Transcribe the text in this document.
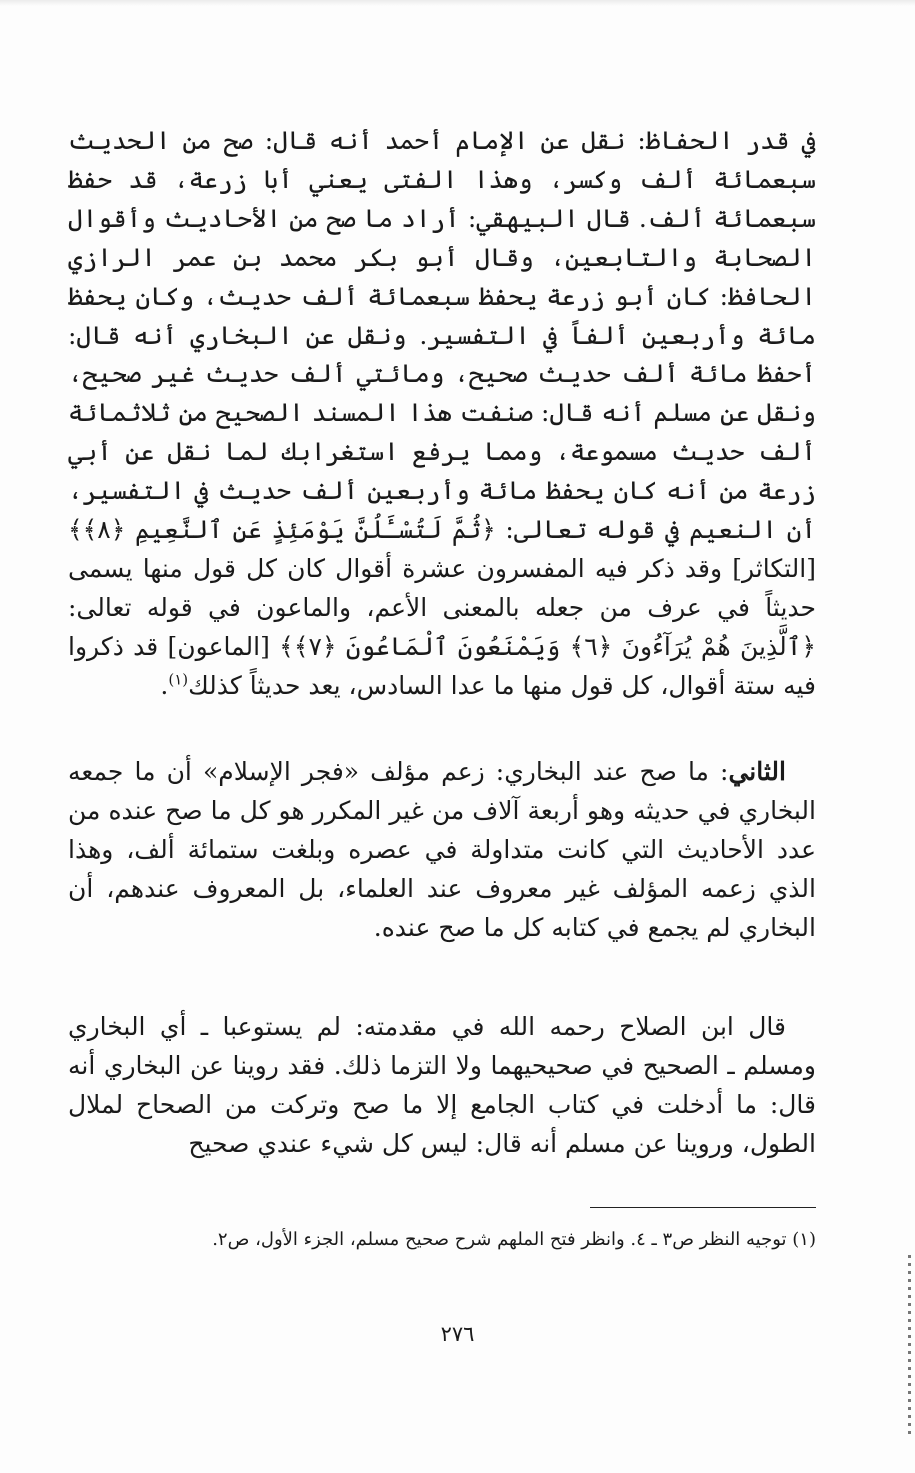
في قدر الحفاظ: نقل عن الإمام أحمد أنه قال: صح من الحديث سبعمائة ألف وكسر، وهذا الفتى يعني أبا زرعة، قد حفظ سبعمائة ألف. قال البيهقي: أراد ما صح من الأحاديث وأقوال الصحابة والتابعين، وقال أبو بكر محمد بن عمر الرازي الحافظ: كان أبو زرعة يحفظ سبعمائة ألف حديث، وكان يحفظ مائة وأربعين ألفاً في التفسير. ونقل عن البخاري أنه قال: أحفظ مائة ألف حديث صحيح، ومائتي ألف حديث غير صحيح، ونقل عن مسلم أنه قال: صنفت هذا المسند الصحيح من ثلاثمائة ألف حديث مسموعة، ومما يرفع استغرابك لما نقل عن أبي زرعة من أنه كان يحفظ مائة وأربعين ألف حديث في التفسير، أن النعيم في قوله تعالى: ﴿ثُمَّ لَتُسْـَٔلُنَّ يَوْمَئِذٍ عَنِ ٱلنَّعِيمِ ﴿٨﴾﴾ [التكاثر] وقد ذكر فيه المفسرون عشرة أقوال كان كل قول منها يسمى حديثاً في عرف من جعله بالمعنى الأعم، والماعون في قوله تعالى: ﴿ٱلَّذِينَ هُمْ يُرَآءُونَ ﴿٦﴾ وَيَمْنَعُونَ ٱلْمَاعُونَ ﴿٧﴾﴾ [الماعون] قد ذكروا فيه ستة أقوال، كل قول منها ما عدا السادس، يعد حديثاً كذلك$^{(١)}$.

الثاني: ما صح عند البخاري: زعم مؤلف «فجر الإسلام» أن ما جمعه البخاري في حديثه وهو أربعة آلاف من غير المكرر هو كل ما صح عنده من عدد الأحاديث التي كانت متداولة في عصره وبلغت ستمائة ألف، وهذا الذي زعمه المؤلف غير معروف عند العلماء، بل المعروف عندهم، أن البخاري لم يجمع في كتابه كل ما صح عنده.

قال ابن الصلاح رحمه الله في مقدمته: لم يستوعبا ـ أي البخاري ومسلم ـ الصحيح في صحيحيهما ولا التزما ذلك. فقد روينا عن البخاري أنه قال: ما أدخلت في كتاب الجامع إلا ما صح وتركت من الصحاح لملال الطول، وروينا عن مسلم أنه قال: ليس كل شيء عندي صحيح

(١) توجيه النظر ص٣ ـ ٤. وانظر فتح الملهم شرح صحيح مسلم، الجزء الأول، ص٢.
٢٧٦
